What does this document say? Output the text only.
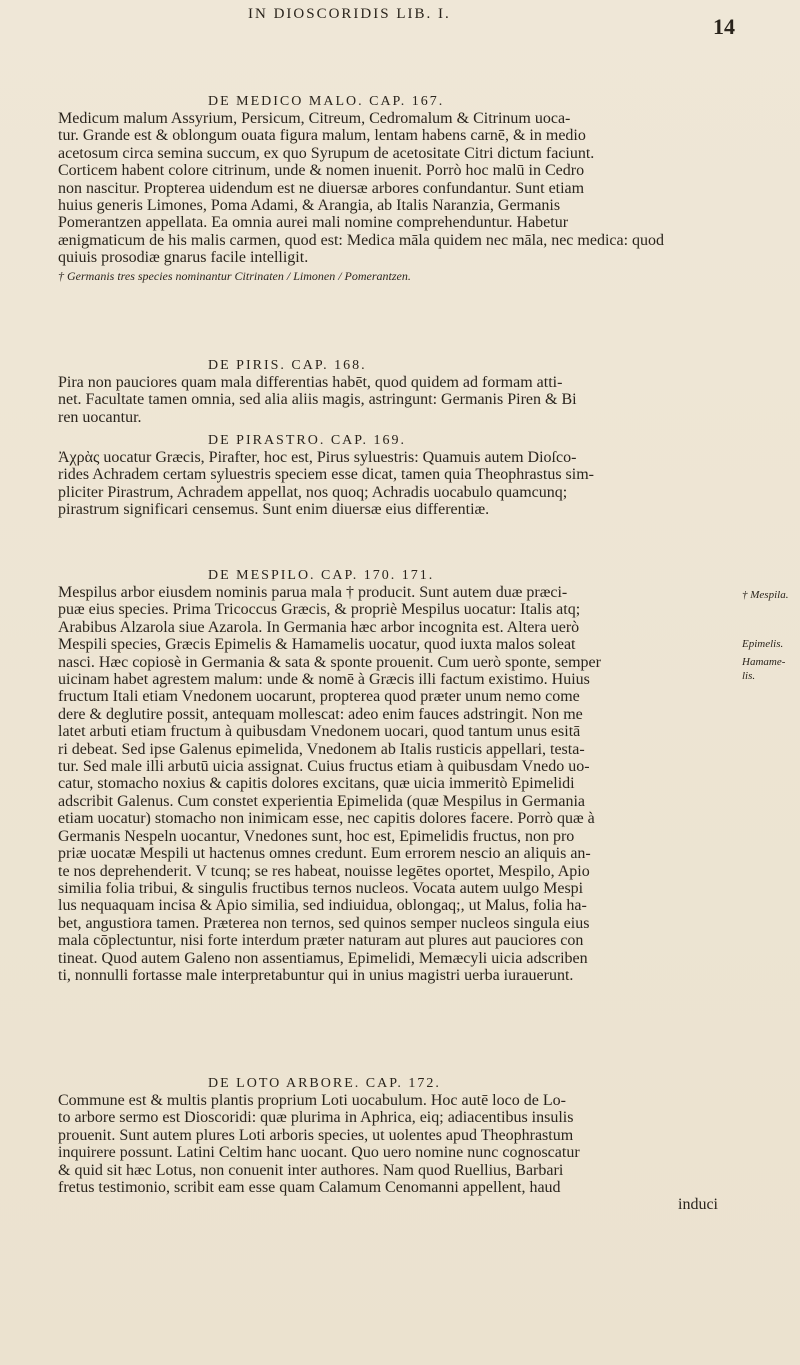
IN DIOSCORIDIS LIB. I.	14

DE MEDICO MALO. CAP. 167.

Medicum malum Assyrium, Persicum, Citreum, Cedromalum & Citrinum uoca-
tur. Grande est & oblongum ouata figura malum, lentam habens carnē, & in medio
acetosum circa semina succum, ex quo Syrupum de acetositate Citri dictum faciunt.
Corticem habent colore citrinum, unde & nomen inuenit. Porrò hoc malū in Cedro
non nascitur. Propterea uidendum est ne diuersæ arbores confundantur. Sunt etiam
huius generis Limones, Poma Adami, & Arangia, ab Italis Naranzia, Germanis
Pomerantzen appellata. Ea omnia aurei mali nomine comprehenduntur. Habetur
ænigmaticum de his malis carmen, quod est: Medica māla quidem nec māla, nec medica: quod
quiuis prosodiæ gnarus facile intelligit.

† Germanis tres species nominantur Citrinaten / Limonen / Pomerantzen.

DE PIRIS. CAP. 168.

Pira non pauciores quam mala differentias habēt, quod quidem ad formam atti-
net. Facultate tamen omnia, sed alia aliis magis, astringunt: Germanis Piren & Bi
ren uocantur.

DE PIRASTRO. CAP. 169.

Ἀχρὰς uocatur Græcis, Pirafter, hoc est, Pirus syluestris: Quamuis autem Dioſco-
rides Achradem certam syluestris speciem esse dicat, tamen quia Theophrastus sim-
pliciter Pirastrum, Achradem appellat, nos quoq; Achradis uocabulo quamcunq;
pirastrum significari censemus. Sunt enim diuersæ eius differentiæ.

DE MESPILO. CAP. 170. 171.

Mespilus arbor eiusdem nominis parua mala † producit. Sunt autem duæ præci-
puæ eius species. Prima Tricoccus Græcis, & propriè Mespilus uocatur: Italis atq;
Arabibus Alzarola siue Azarola. In Germania hæc arbor incognita est. Altera uerò
Mespili species, Græcis Epimelis & Hamamelis uocatur, quod iuxta malos soleat
nasci. Hæc copiosè in Germania & sata & sponte prouenit. Cum uerò sponte, semper
uicinam habet agrestem malum: unde & nomē à Græcis illi factum existimo. Huius
fructum Itali etiam Vnedonem uocarunt, propterea quod præter unum nemo come
dere & deglutire possit, antequam mollescat: adeo enim fauces adstringit. Non me
latet arbuti etiam fructum à quibusdam Vnedonem uocari, quod tantum unus esitā
ri debeat. Sed ipse Galenus epimelida, Vnedonem ab Italis rusticis appellari, testa-
tur. Sed male illi arbutū uicia assignat. Cuius fructus etiam à quibusdam Vnedo uo-
catur, stomacho noxius & capitis dolores excitans, quæ uicia immeritò Epimelidi
adscribit Galenus. Cum constet experientia Epimelida (quæ Mespilus in Germania
etiam uocatur) stomacho non inimicam esse, nec capitis dolores facere. Porrò quæ à
Germanis Nespeln uocantur, Vnedones sunt, hoc est, Epimelidis fructus, non pro
priæ uocatæ Mespili ut hactenus omnes credunt. Eum errorem nescio an aliquis an-
te nos deprehenderit. V tcunq; se res habeat, nouisse legētes oportet, Mespilo, Apio
similia folia tribui, & singulis fructibus ternos nucleos. Vocata autem uulgo Mespi
lus nequaquam incisa & Apio similia, sed indiuidua, oblongaq;, ut Malus, folia ha-
bet, angustiora tamen. Præterea non ternos, sed quinos semper nucleos singula eius
mala cōplectuntur, nisi forte interdum præter naturam aut plures aut pauciores con
tineat. Quod autem Galeno non assentiamus, Epimelidi, Memæcyli uicia adscriben
ti, nonnulli fortasse male interpretabuntur qui in unius magistri uerba iurauerunt.

DE LOTO ARBORE. CAP. 172.

Commune est & multis plantis proprium Loti uocabulum. Hoc autē loco de Lo-
to arbore sermo est Dioscoridi: quæ plurima in Aphrica, eiq; adiacentibus insulis
prouenit. Sunt autem plures Loti arboris species, ut uolentes apud Theophrastum
inquirere possunt. Latini Celtim hanc uocant. Quo uero nomine nunc cognoscatur
& quid sit hæc Lotus, non conuenit inter authores. Nam quod Ruellius, Barbari
fretus testimonio, scribit eam esse quam Calamum Cenomanni appellent, haud
induci
† Mespila.
Epimelis.
Hamame-
lis.
